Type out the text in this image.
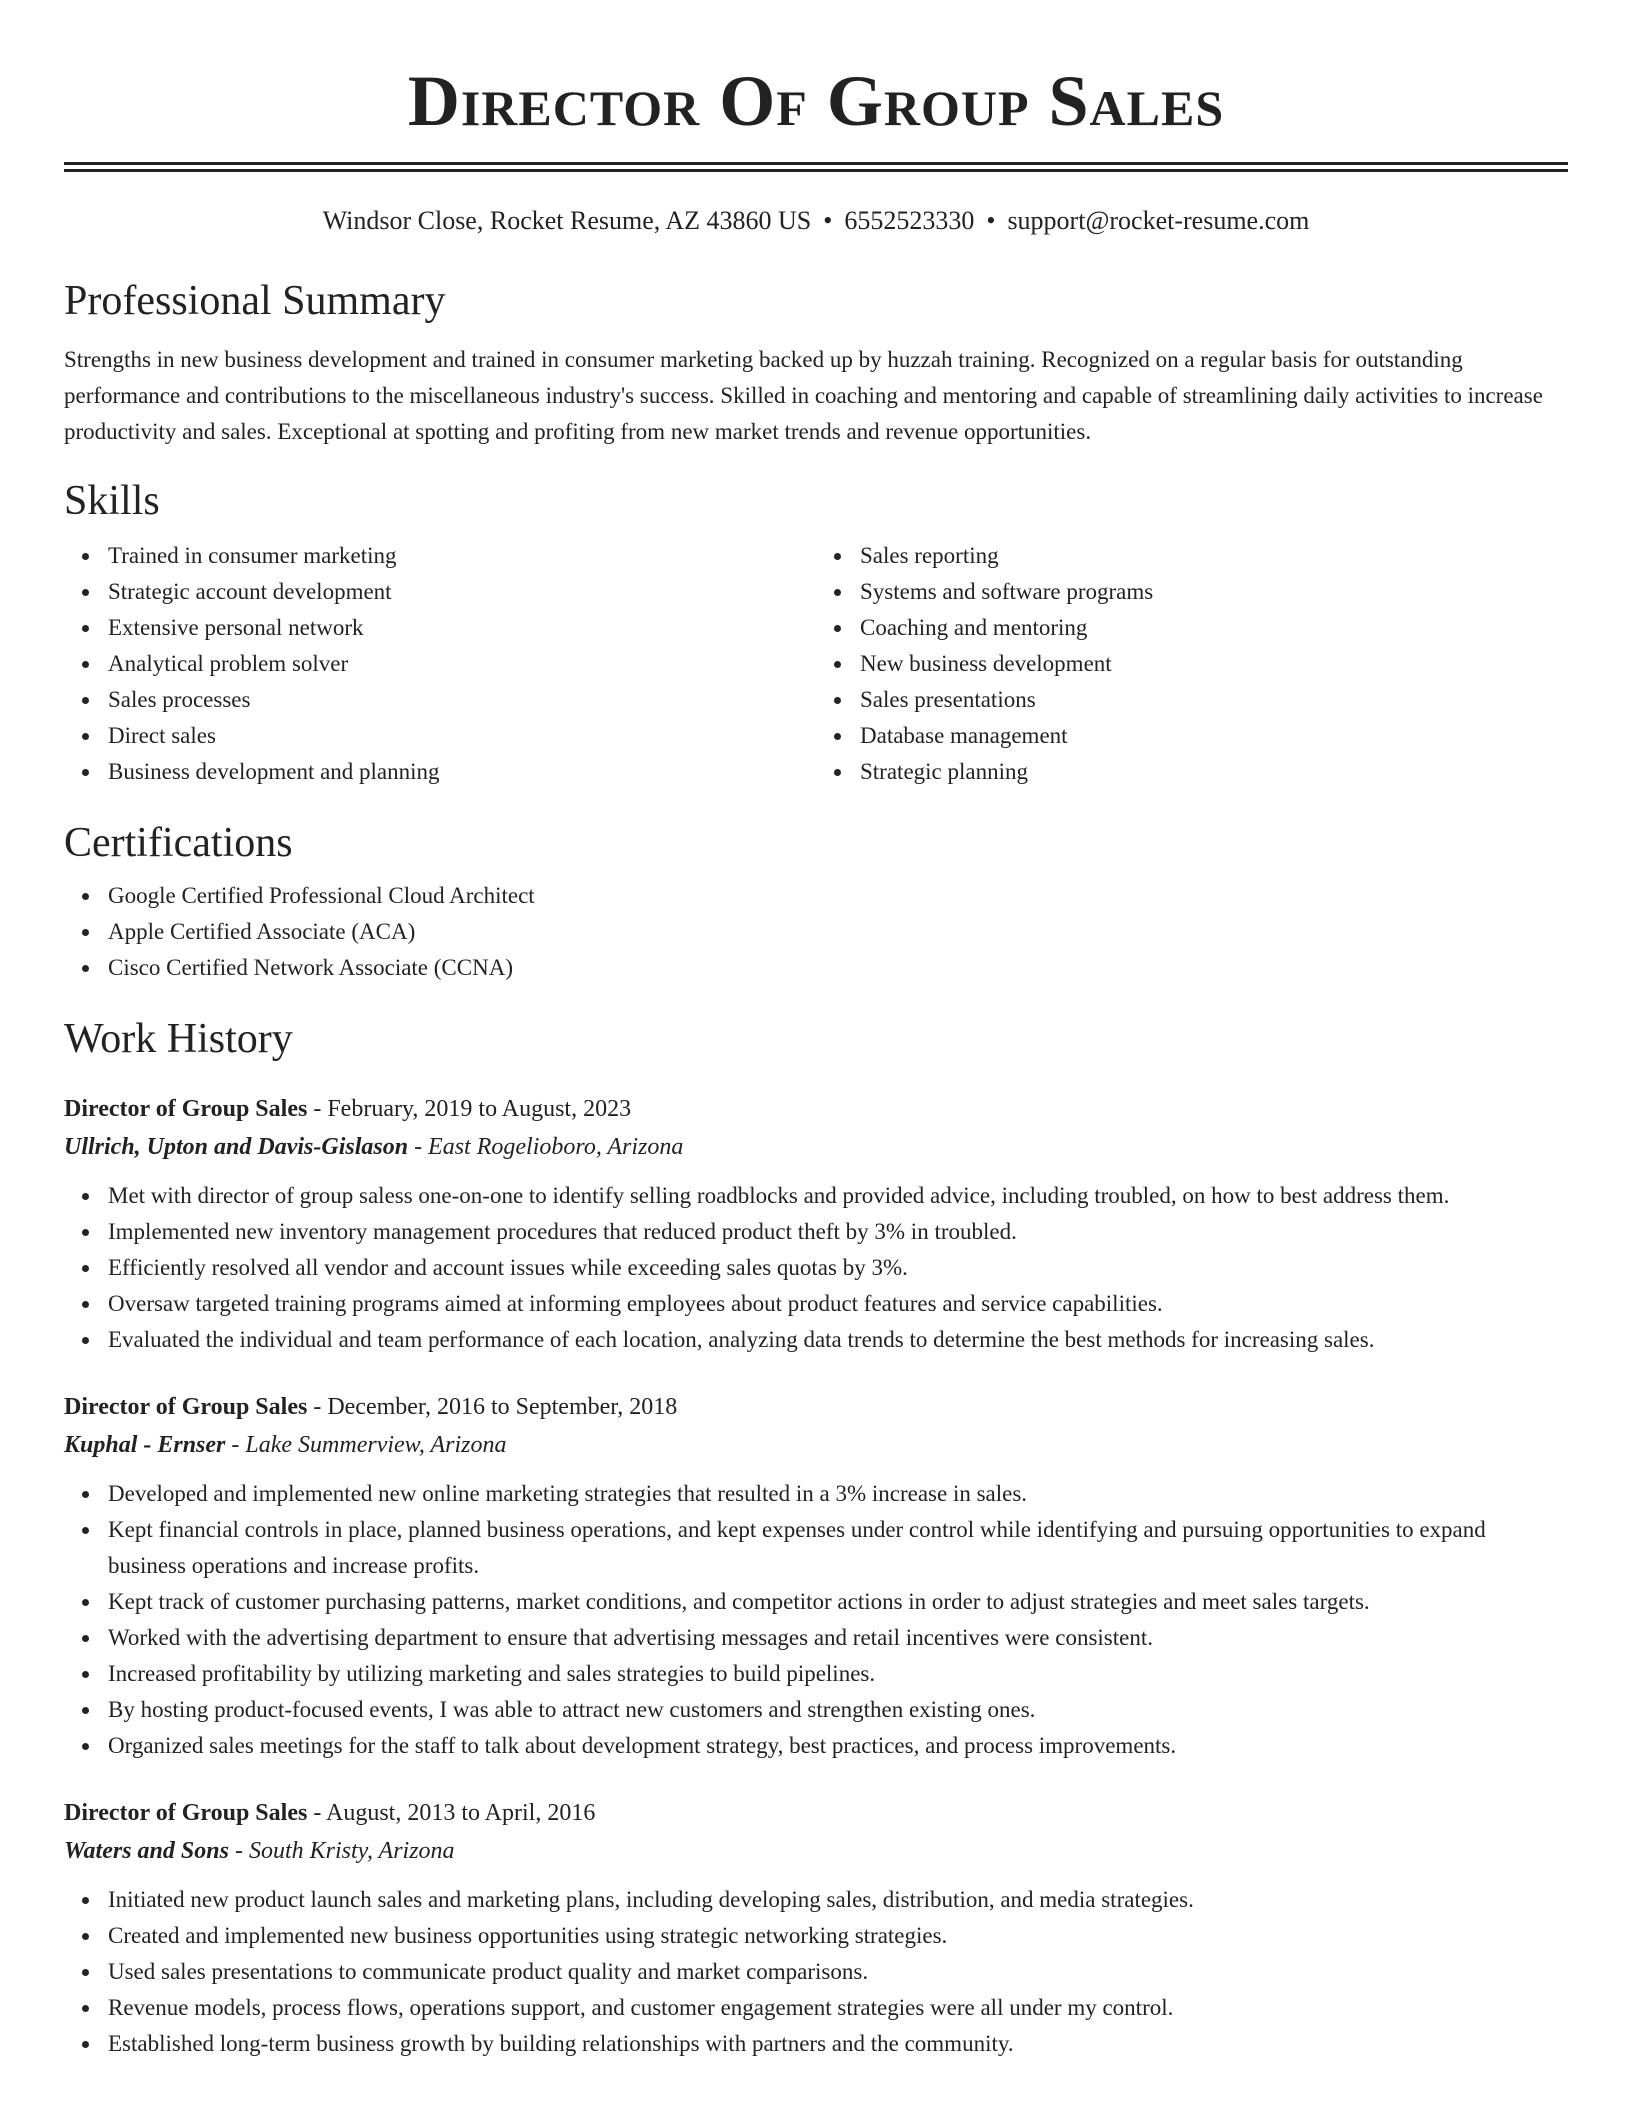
Director Of Group Sales
Windsor Close, Rocket Resume, AZ 43860 US • 6552523330 • support@rocket-resume.com
Professional Summary
Strengths in new business development and trained in consumer marketing backed up by huzzah training. Recognized on a regular basis for outstanding performance and contributions to the miscellaneous industry's success. Skilled in coaching and mentoring and capable of streamlining daily activities to increase productivity and sales. Exceptional at spotting and profiting from new market trends and revenue opportunities.
Skills
Trained in consumer marketing
Strategic account development
Extensive personal network
Analytical problem solver
Sales processes
Direct sales
Business development and planning
Sales reporting
Systems and software programs
Coaching and mentoring
New business development
Sales presentations
Database management
Strategic planning
Certifications
Google Certified Professional Cloud Architect
Apple Certified Associate (ACA)
Cisco Certified Network Associate (CCNA)
Work History
Director of Group Sales - February, 2019 to August, 2023
Ullrich, Upton and Davis-Gislason - East Rogelioboro, Arizona
Met with director of group saless one-on-one to identify selling roadblocks and provided advice, including troubled, on how to best address them.
Implemented new inventory management procedures that reduced product theft by 3% in troubled.
Efficiently resolved all vendor and account issues while exceeding sales quotas by 3%.
Oversaw targeted training programs aimed at informing employees about product features and service capabilities.
Evaluated the individual and team performance of each location, analyzing data trends to determine the best methods for increasing sales.
Director of Group Sales - December, 2016 to September, 2018
Kuphal - Ernser - Lake Summerview, Arizona
Developed and implemented new online marketing strategies that resulted in a 3% increase in sales.
Kept financial controls in place, planned business operations, and kept expenses under control while identifying and pursuing opportunities to expand business operations and increase profits.
Kept track of customer purchasing patterns, market conditions, and competitor actions in order to adjust strategies and meet sales targets.
Worked with the advertising department to ensure that advertising messages and retail incentives were consistent.
Increased profitability by utilizing marketing and sales strategies to build pipelines.
By hosting product-focused events, I was able to attract new customers and strengthen existing ones.
Organized sales meetings for the staff to talk about development strategy, best practices, and process improvements.
Director of Group Sales - August, 2013 to April, 2016
Waters and Sons - South Kristy, Arizona
Initiated new product launch sales and marketing plans, including developing sales, distribution, and media strategies.
Created and implemented new business opportunities using strategic networking strategies.
Used sales presentations to communicate product quality and market comparisons.
Revenue models, process flows, operations support, and customer engagement strategies were all under my control.
Established long-term business growth by building relationships with partners and the community.
